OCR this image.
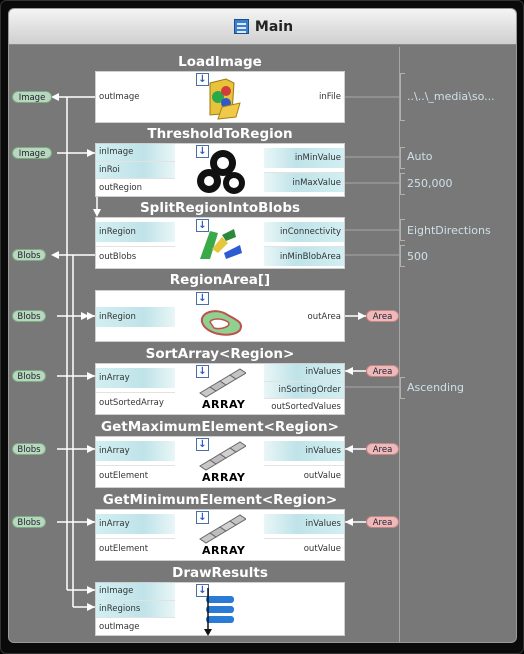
Main
Image
Image
Blobs
Blobs
Blobs
Blobs
Blobs
Area
Area
Area
Area
..\..\_media\so...
Auto
250,000
EightDirections
500
Ascending
LoadImage
outImage
↓
inFile
ThresholdToRegion
inImage
inRoi
outRegion
↓
inMinValue
inMaxValue
SplitRegionIntoBlobs
inRegion
outBlobs
↓
inConnectivity
inMinBlobArea
RegionArea[]
inRegion
↓
outArea
SortArray<Region>
inArray
outSortedArray
↓
ARRAY
inValues
inSortingOrder
outSortedValues
GetMaximumElement<Region>
inArray
outElement
↓
ARRAY
inValues
outValue
GetMinimumElement<Region>
inArray
outElement
↓
ARRAY
inValues
outValue
DrawResults
inImage
inRegions
outImage
↓
